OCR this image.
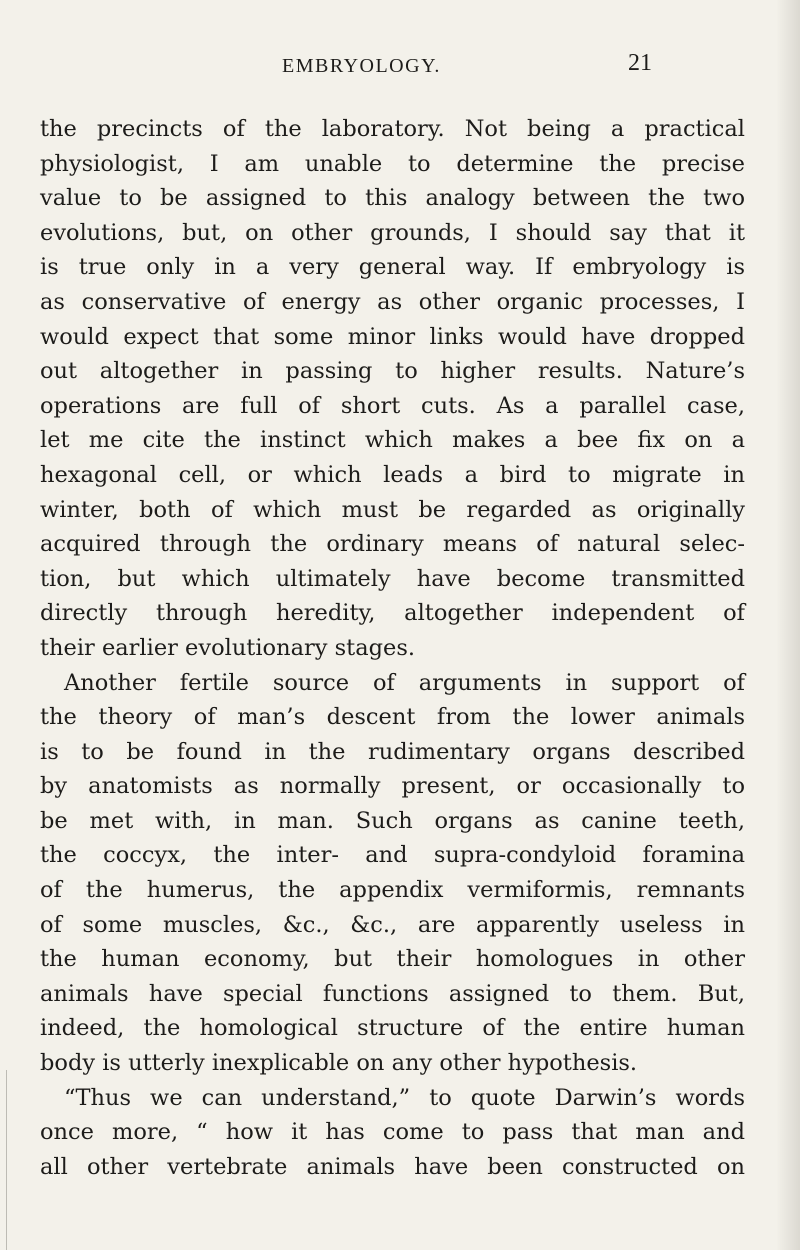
EMBRYOLOGY.	21
the precincts of the laboratory. Not being a practical
physiologist, I am unable to determine the precise
value to be assigned to this analogy between the two
evolutions, but, on other grounds, I should say that it
is true only in a very general way. If embryology is
as conservative of energy as other organic processes, I
would expect that some minor links would have dropped
out altogether in passing to higher results. Nature’s
operations are full of short cuts. As a parallel case,
let me cite the instinct which makes a bee fix on a
hexagonal cell, or which leads a bird to migrate in
winter, both of which must be regarded as originally
acquired through the ordinary means of natural selec-
tion, but which ultimately have become transmitted
directly through heredity, altogether independent of
their earlier evolutionary stages.
Another fertile source of arguments in support of
the theory of man’s descent from the lower animals
is to be found in the rudimentary organs described
by anatomists as normally present, or occasionally to
be met with, in man. Such organs as canine teeth,
the coccyx, the inter- and supra-condyloid foramina
of the humerus, the appendix vermiformis, remnants
of some muscles, &c., &c., are apparently useless in
the human economy, but their homologues in other
animals have special functions assigned to them. But,
indeed, the homological structure of the entire human
body is utterly inexplicable on any other hypothesis.
“Thus we can understand,” to quote Darwin’s words
once more, “ how it has come to pass that man and
all other vertebrate animals have been constructed on
